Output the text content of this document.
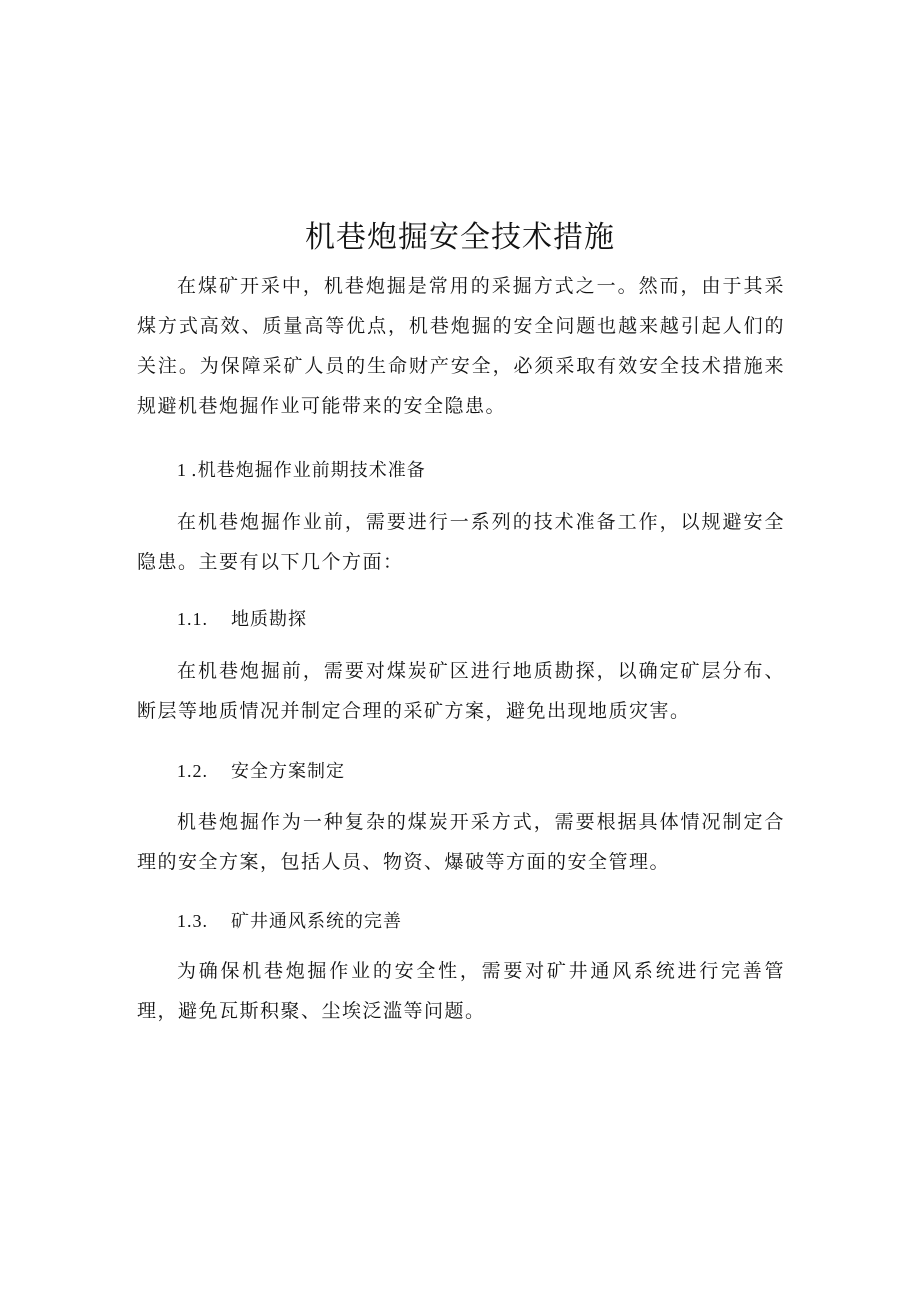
机巷炮掘安全技术措施

在煤矿开采中，机巷炮掘是常用的采掘方式之一。然而，由于其采煤方式高效、质量高等优点，机巷炮掘的安全问题也越来越引起人们的关注。为保障采矿人员的生命财产安全，必须采取有效安全技术措施来规避机巷炮掘作业可能带来的安全隐患。

1 .机巷炮掘作业前期技术准备

在机巷炮掘作业前，需要进行一系列的技术准备工作，以规避安全隐患。主要有以下几个方面：

1.1. 地质勘探

在机巷炮掘前，需要对煤炭矿区进行地质勘探，以确定矿层分布、断层等地质情况并制定合理的采矿方案，避免出现地质灾害。

1.2. 安全方案制定

机巷炮掘作为一种复杂的煤炭开采方式，需要根据具体情况制定合理的安全方案，包括人员、物资、爆破等方面的安全管理。

1.3. 矿井通风系统的完善

为确保机巷炮掘作业的安全性，需要对矿井通风系统进行完善管理，避免瓦斯积聚、尘埃泛滥等问题。
